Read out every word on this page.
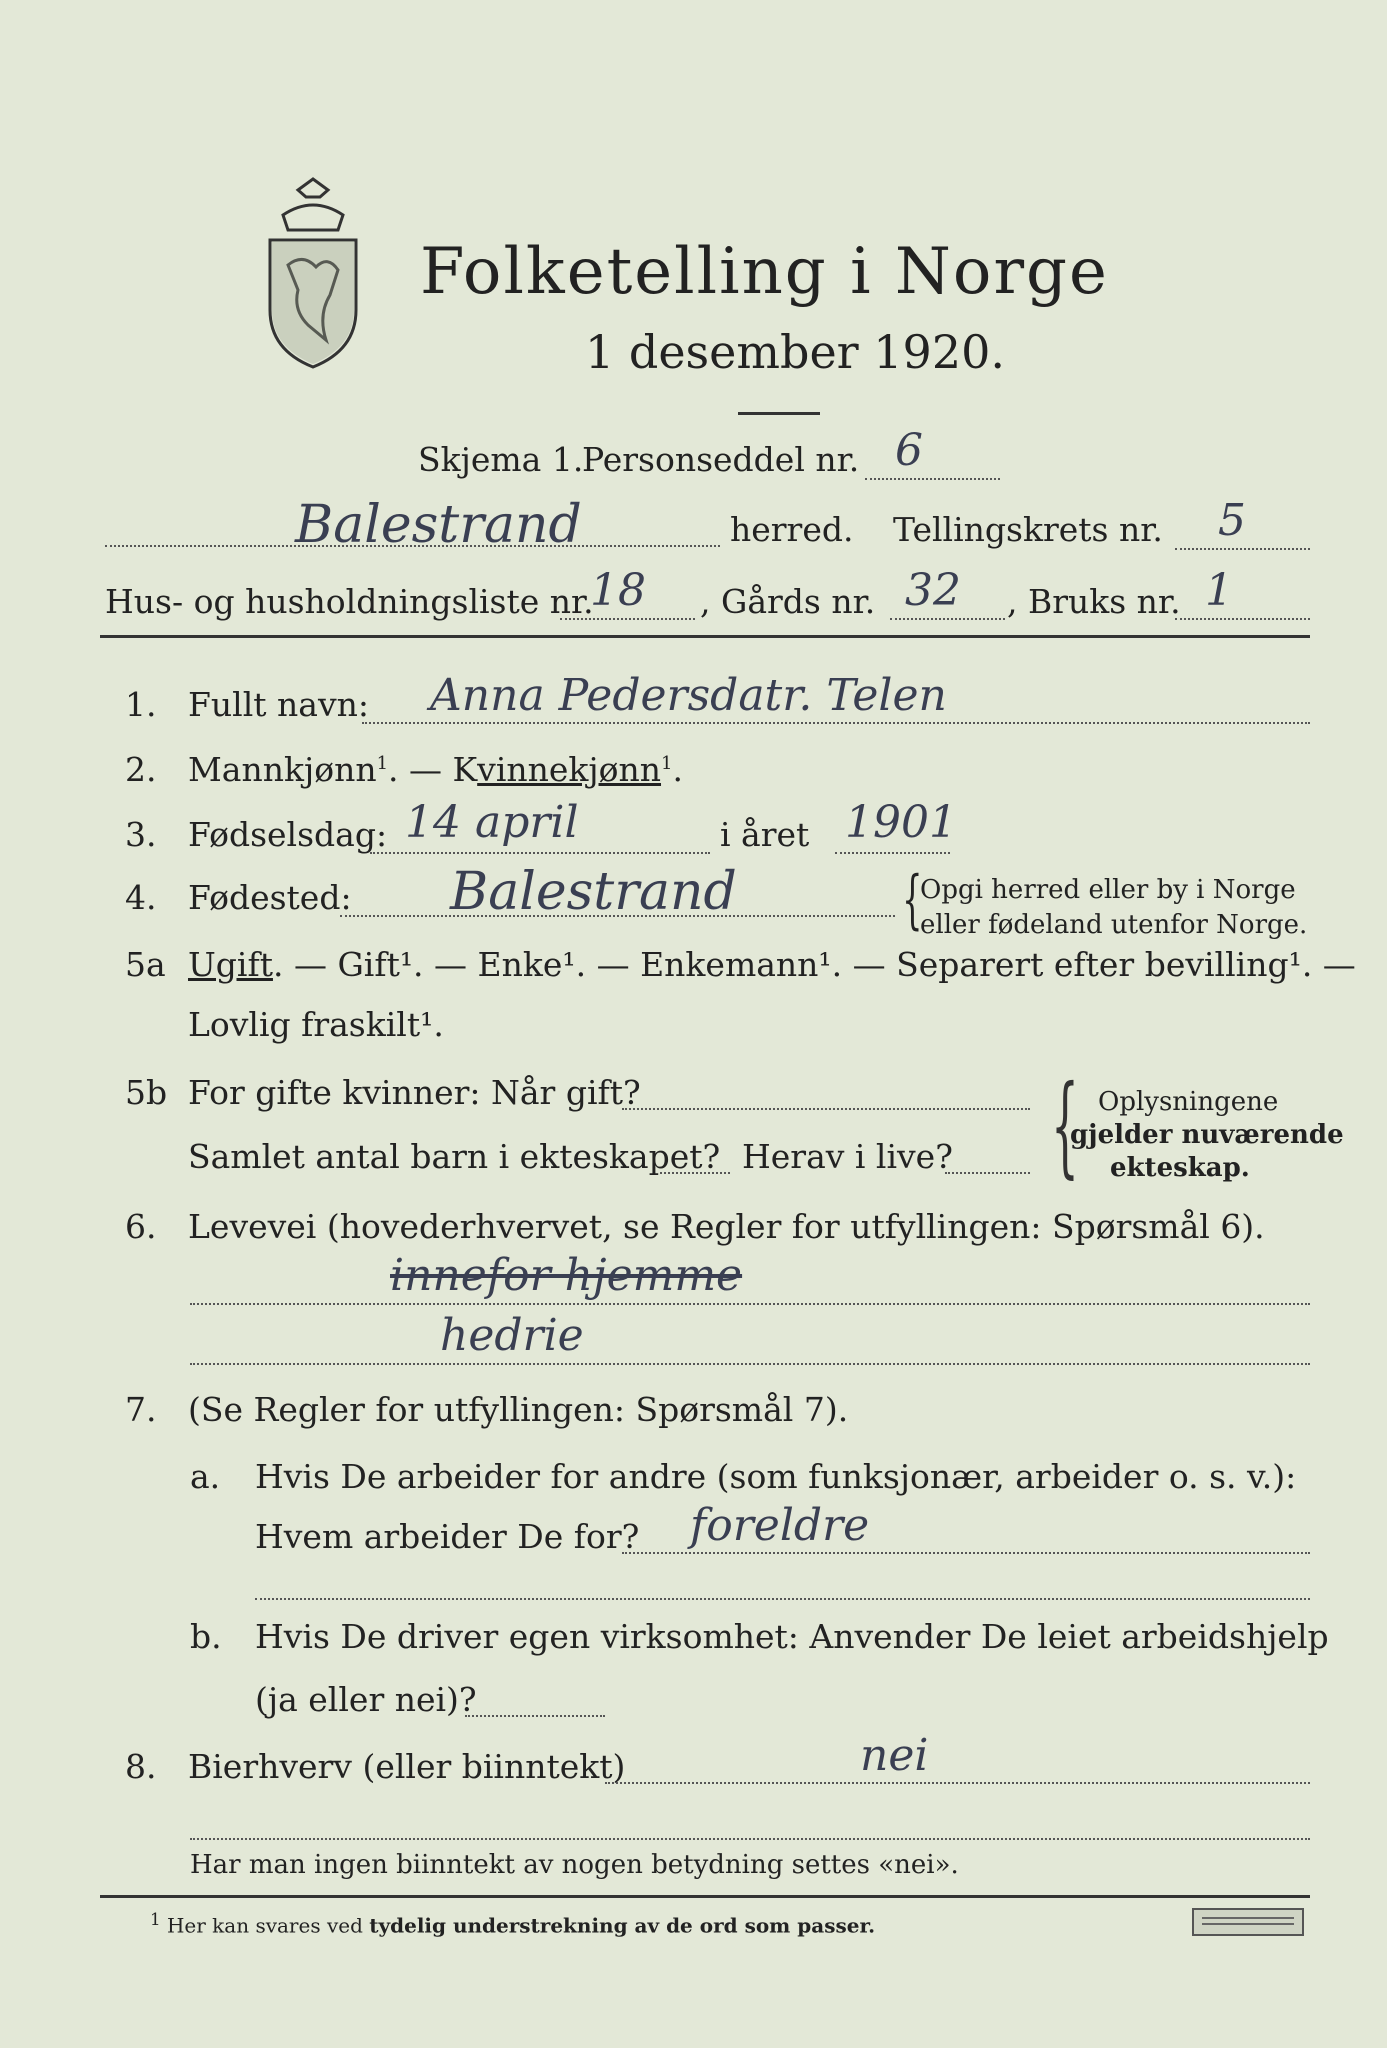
Folketelling i Norge
1 desember 1920.
Skjema 1.
Personseddel nr. 6
Balestrand	herred. Tellingskrets nr. 5
Hus- og husholdningsliste nr.
18 , Gårds nr. 32 , Bruks nr. 1
1. Fullt navn: Anna Pedersdatr. Telen
2. Mannkjønn$^1$. — Kvinnekjønn$^1$.
3. Fødselsdag: 14 april	i året 1901
4. Fødested: Balestrand	{
Opgi herred eller by i Norge
eller fødeland utenfor Norge.
5a Ugift. — Gift¹. — Enke¹. — Enkemann¹. — Separert efter bevilling¹. —
Lovlig fraskilt¹.
5b For gifte kvinner: Når gift?
Samlet antal barn i ekteskapet? Herav i live? { Oplysningene
gjelder nuværende
ekteskap.
6. Levevei (hovederhvervet, se Regler for utfyllingen: Spørsmål 6).
innefor hjemme
hedrie
7. (Se Regler for utfyllingen: Spørsmål 7).
a. Hvis De arbeider for andre (som funksjonær, arbeider o. s. v.):
Hvem arbeider De for? foreldre
b. Hvis De driver egen virksomhet: Anvender De leiet arbeidshjelp
(ja eller nei)?
8. Bierhverv (eller biinntekt)	nei
Har man ingen biinntekt av nogen betydning settes «nei».
$^1$ Her kan svares ved tydelig understrekning av de ord som passer.
